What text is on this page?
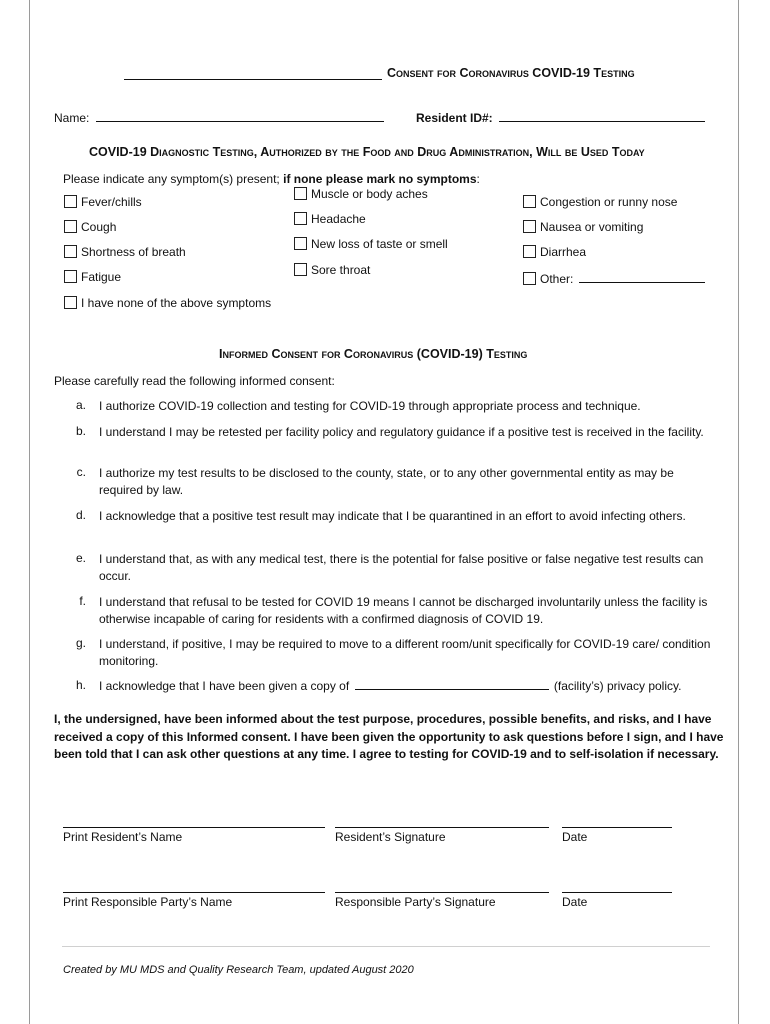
Consent for Coronavirus COVID-19 Testing
Name:	Resident ID#:
COVID-19 Diagnostic Testing, Authorized by the Food and Drug Administration, Will be Used Today
Please indicate any symptom(s) present; if none please mark no symptoms:
Fever/chills
Cough
Shortness of breath
Fatigue
I have none of the above symptoms
Muscle or body aches
Headache
New loss of taste or smell
Sore throat
Congestion or runny nose
Nausea or vomiting
Diarrhea
Other:
Informed Consent for Coronavirus (COVID-19) Testing
Please carefully read the following informed consent:
a. I authorize COVID-19 collection and testing for COVID-19 through appropriate process and technique.
b. I understand I may be retested per facility policy and regulatory guidance if a positive test is received in the facility.
c. I authorize my test results to be disclosed to the county, state, or to any other governmental entity as may be required by law.
d. I acknowledge that a positive test result may indicate that I be quarantined in an effort to avoid infecting others.
e. I understand that, as with any medical test, there is the potential for false positive or false negative test results can occur.
f. I understand that refusal to be tested for COVID 19 means I cannot be discharged involuntarily unless the facility is otherwise incapable of caring for residents with a confirmed diagnosis of COVID 19.
g. I understand, if positive, I may be required to move to a different room/unit specifically for COVID-19 care/ condition monitoring.
h. I acknowledge that I have been given a copy of	(facility’s) privacy policy.
I, the undersigned, have been informed about the test purpose, procedures, possible benefits, and risks, and I have received a copy of this Informed consent. I have been given the opportunity to ask questions before I sign, and I have been told that I can ask other questions at any time. I agree to testing for COVID-19 and to self-isolation if necessary.
Print Resident’s Name	Resident’s Signature	Date
Print Responsible Party’s Name	Responsible Party’s Signature	Date
Created by MU MDS and Quality Research Team, updated August 2020
